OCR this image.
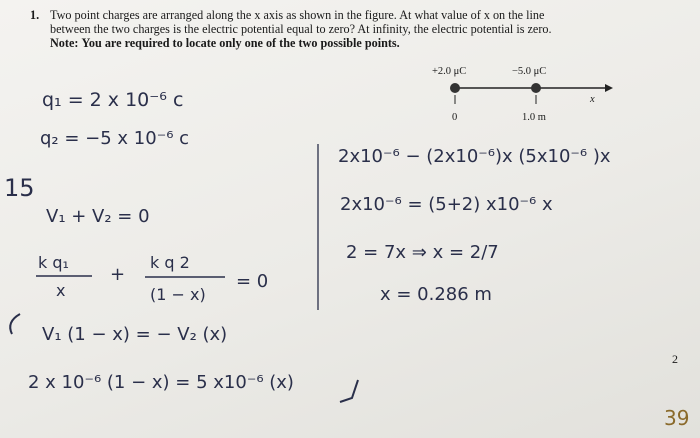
1. Two point charges are arranged along the x axis as shown in the figure. At what value of x on the line
between the two charges is the electric potential equal to zero? At infinity, the electric potential is zero.
Note: You are required to locate only one of the two possible points.
+2.0 μC	−5.0 μC
0	1.0 m
x
q₁ = 2 x 10⁻⁶ c
q₂ = −5 x 10⁻⁶ c
15
V₁ + V₂ = 0
k q₁
x
+
k q 2
(1 − x)
= 0
V₁ (1 − x) = − V₂ (x)
2 x 10⁻⁶ (1 − x) = 5 x10⁻⁶ (x)
2x10⁻⁶ − (2x10⁻⁶)x (5x10⁻⁶ )x
2x10⁻⁶ = (5+2) x10⁻⁶ x
2 = 7x ⇒ x = 2/7
x = 0.286 m
2
39
